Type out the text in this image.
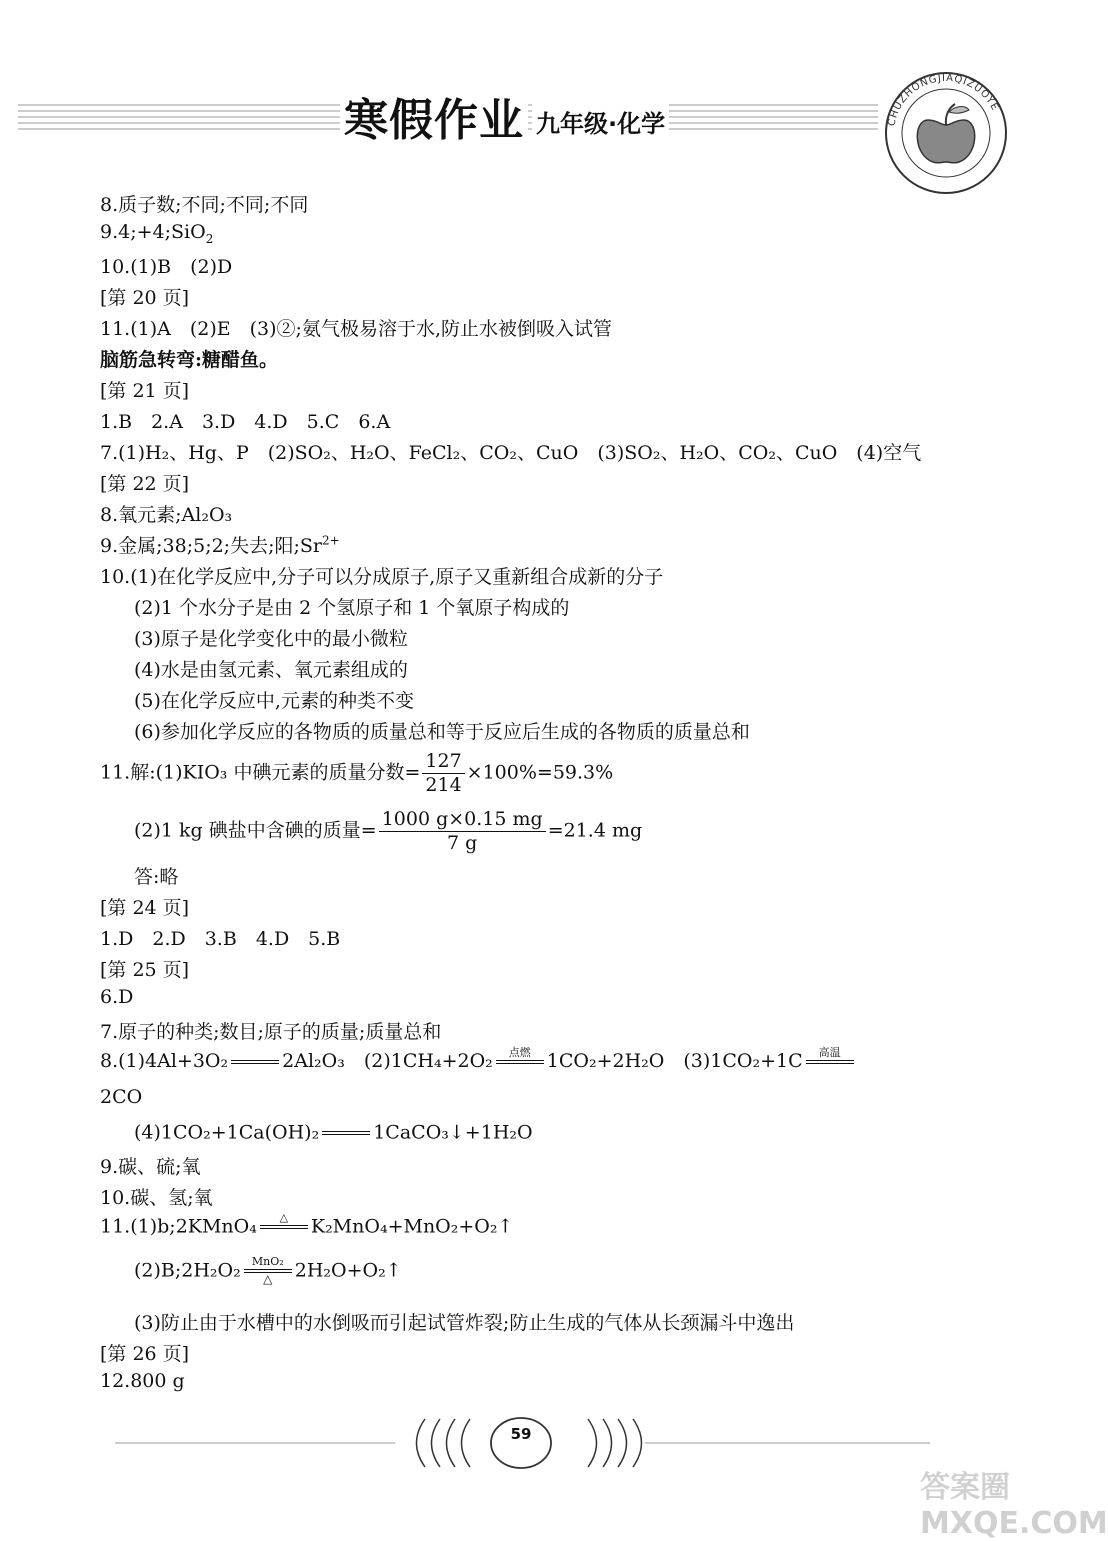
寒假作业 九年级·化学	CHUZHONGJIAQIZUOYE
8.质子数;不同;不同;不同
9.4;+4;SiO$_2$
10.(1)B　(2)D
[第 20 页]
11.(1)A　(2)E　(3)②;氨气极易溶于水,防止水被倒吸入试管
脑筋急转弯:糖醋鱼。
[第 21 页]
1.B　2.A　3.D　4.D　5.C　6.A
7.(1)H₂、Hg、P　(2)SO₂、H₂O、FeCl₂、CO₂、CuO　(3)SO₂、H₂O、CO₂、CuO　(4)空气
[第 22 页]
8.氧元素;Al₂O₃
9.金属;38;5;2;失去;阳$;Sr^{2+}$
10.(1)在化学反应中,分子可以分成原子,原子又重新组合成新的分子
(2)1 个水分子是由 2 个氢原子和 1 个氧原子构成的
(3)原子是化学变化中的最小微粒
(4)水是由氢元素、氧元素组成的
(5)在化学反应中,元素的种类不变
(6)参加化学反应的各物质的质量总和等于反应后生成的各物质的质量总和
11.解:(1)KIO₃ 中碘元素的质量分数= $\frac{127}{214} \times 100\%=59.3\%$
(2)1 kg 碘盐中含碘的质量= $\frac{1000 g\times 0.15 mg}{7 g} =21.4$ mg
答:略
[第 24 页]
1.D　2.D　3.B　4.D　5.B
[第 25 页]
6.D
7.原子的种类;数目;原子的质量;质量总和
8.(1)4Al+3O₂	2Al₂O₃　(2)1CH₄+2O₂ 点燃 1CO₂+2H₂O　(3)1CO₂+1C 高温
2CO
(4)1CO₂+1Ca(OH)₂	1CaCO₃↓+1H₂O
9.碳、硫;氧
10.碳、氢;氧
11.(1)b;2KMnO₄ △ K₂MnO₄+MnO₂+O₂↑
(2)B;2H₂O₂ MnO₂
△ 2H₂O+O₂↑
(3)防止由于水槽中的水倒吸而引起试管炸裂;防止生成的气体从长颈漏斗中逸出
[第 26 页]
12.800 g
59
答案圈 MXQE.COM
